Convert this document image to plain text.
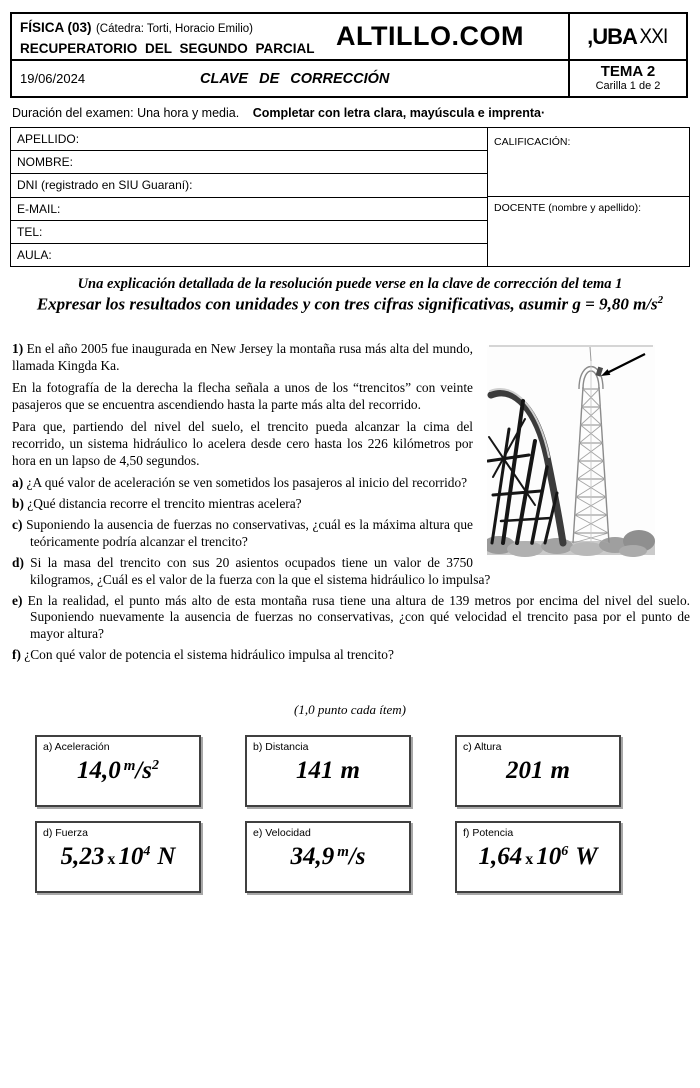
FÍSICA (03) (Cátedra: Torti, Horacio Emilio)
RECUPERATORIO DEL SEGUNDO PARCIAL ALTILLO.COM
19/06/2024	CLAVE DE CORRECCIÓN
,UBA XXI
TEMA 2
Carilla 1 de 2
Duración del examen: Una hora y media. Completar con letra clara, mayúscula e imprenta·
APELLIDO:
NOMBRE:
DNI (registrado en SIU Guaraní):
E-MAIL:
TEL:
AULA:
CALIFICACIÓN:
DOCENTE (nombre y apellido):
Una explicación detallada de la resolución puede verse en la clave de corrección del tema 1
Expresar los resultados con unidades y con tres cifras significativas, asumir g = 9,80 $m/s^2$

1) En el año 2005 fue inaugurada en New Jersey la montaña rusa más alta del mundo, llamada Kingda Ka.

En la fotografía de la derecha la flecha señala a unos de los “trencitos” con veinte pasajeros que se encuentra ascendiendo hasta la parte más alta del recorrido.

Para que, partiendo del nivel del suelo, el trencito pueda alcanzar la cima del recorrido, un sistema hidráulico lo acelera desde cero hasta los 226 kilómetros por hora en un lapso de 4,50 segundos.

a) ¿A qué valor de aceleración se ven sometidos los pasajeros al inicio del recorrido?
b) ¿Qué distancia recorre el trencito mientras acelera?
c) Suponiendo la ausencia de fuerzas no conservativas, ¿cuál es la máxima altura que teóricamente podría alcanzar el trencito?
d) Si la masa del trencito con sus 20 asientos ocupados tiene un valor de 3750 kilogramos, ¿Cuál es el valor de la fuerza con la que el sistema hidráulico lo impulsa?
e) En la realidad, el punto más alto de esta montaña rusa tiene una altura de 139 metros por encima del nivel del suelo. Suponiendo nuevamente la ausencia de fuerzas no conservativas, ¿con qué velocidad el trencito pasa por el punto de mayor altura?
f) ¿Con qué valor de potencia el sistema hidráulico impulsa al trencito?
(1,0 punto cada ítem)
a) Aceleración
14,0 $^m/s^2$
b) Distancia
141 m
c) Altura
201 m
d) Fuerza
5,23 x $10^4$ N
e) Velocidad
34,9 $^m$/s
f) Potencia
1,64 x $10^6$ W
